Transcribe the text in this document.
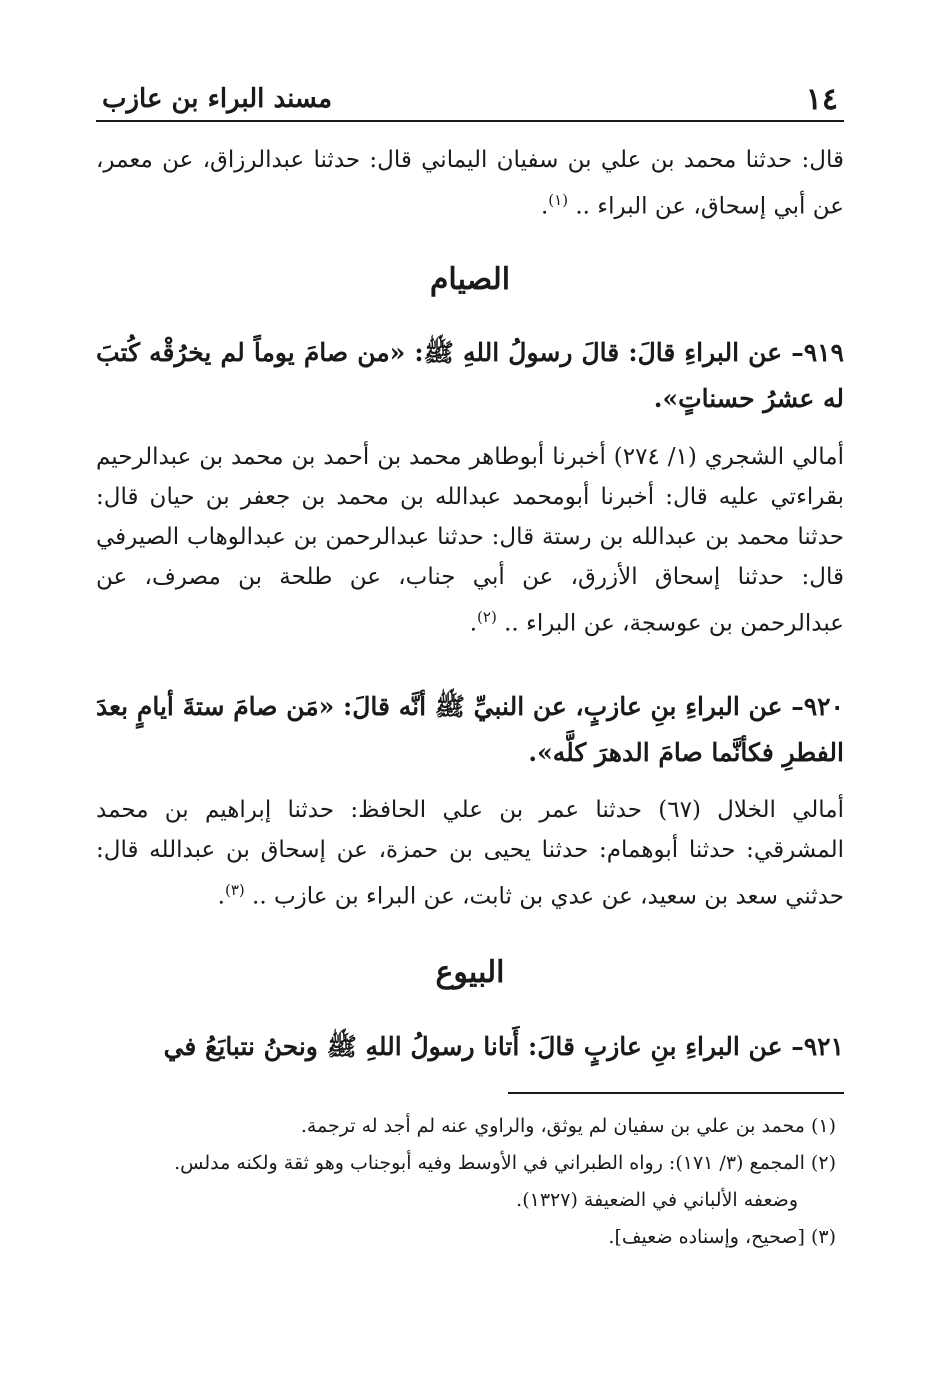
١٤
مسند البراء بن عازب

قال: حدثنا محمد بن علي بن سفيان اليماني قال: حدثنا عبدالرزاق، عن معمر، عن أبي إسحاق، عن البراء .. $^{(١)}$.

الصيام

٩١٩– عن البراءِ قالَ: قالَ رسولُ اللهِ ﷺ: «من صامَ يوماً لم يخرُقْه كُتبَ له عشرُ حسناتٍ».

أمالي الشجري (١/ ٢٧٤) أخبرنا أبوطاهر محمد بن أحمد بن محمد بن عبدالرحيم بقراءتي عليه قال: أخبرنا أبومحمد عبدالله بن محمد بن جعفر بن حيان قال: حدثنا محمد بن عبدالله بن رستة قال: حدثنا عبدالرحمن بن عبدالوهاب الصيرفي قال: حدثنا إسحاق الأزرق، عن أبي جناب، عن طلحة بن مصرف، عن عبدالرحمن بن عوسجة، عن البراء .. $^{(٢)}$.

٩٢٠– عن البراءِ بنِ عازبٍ، عن النبيِّ ﷺ أنَّه قالَ: «مَن صامَ ستةَ أيامٍ بعدَ الفطرِ فكأنَّما صامَ الدهرَ كلَّه».

أمالي الخلال (٦٧) حدثنا عمر بن علي الحافظ: حدثنا إبراهيم بن محمد المشرقي: حدثنا أبوهمام: حدثنا يحيى بن حمزة، عن إسحاق بن عبدالله قال: حدثني سعد بن سعيد، عن عدي بن ثابت، عن البراء بن عازب .. $^{(٣)}$.

البيوع

٩٢١– عن البراءِ بنِ عازبٍ قالَ: أَتانا رسولُ اللهِ ﷺ ونحنُ نتبايَعُ في

(١) محمد بن علي بن سفيان لم يوثق، والراوي عنه لم أجد له ترجمة.
(٢) المجمع (٣/ ١٧١): رواه الطبراني في الأوسط وفيه أبوجناب وهو ثقة ولكنه مدلس.
وضعفه الألباني في الضعيفة (١٣٢٧).
(٣) [صحيح، وإسناده ضعيف].
